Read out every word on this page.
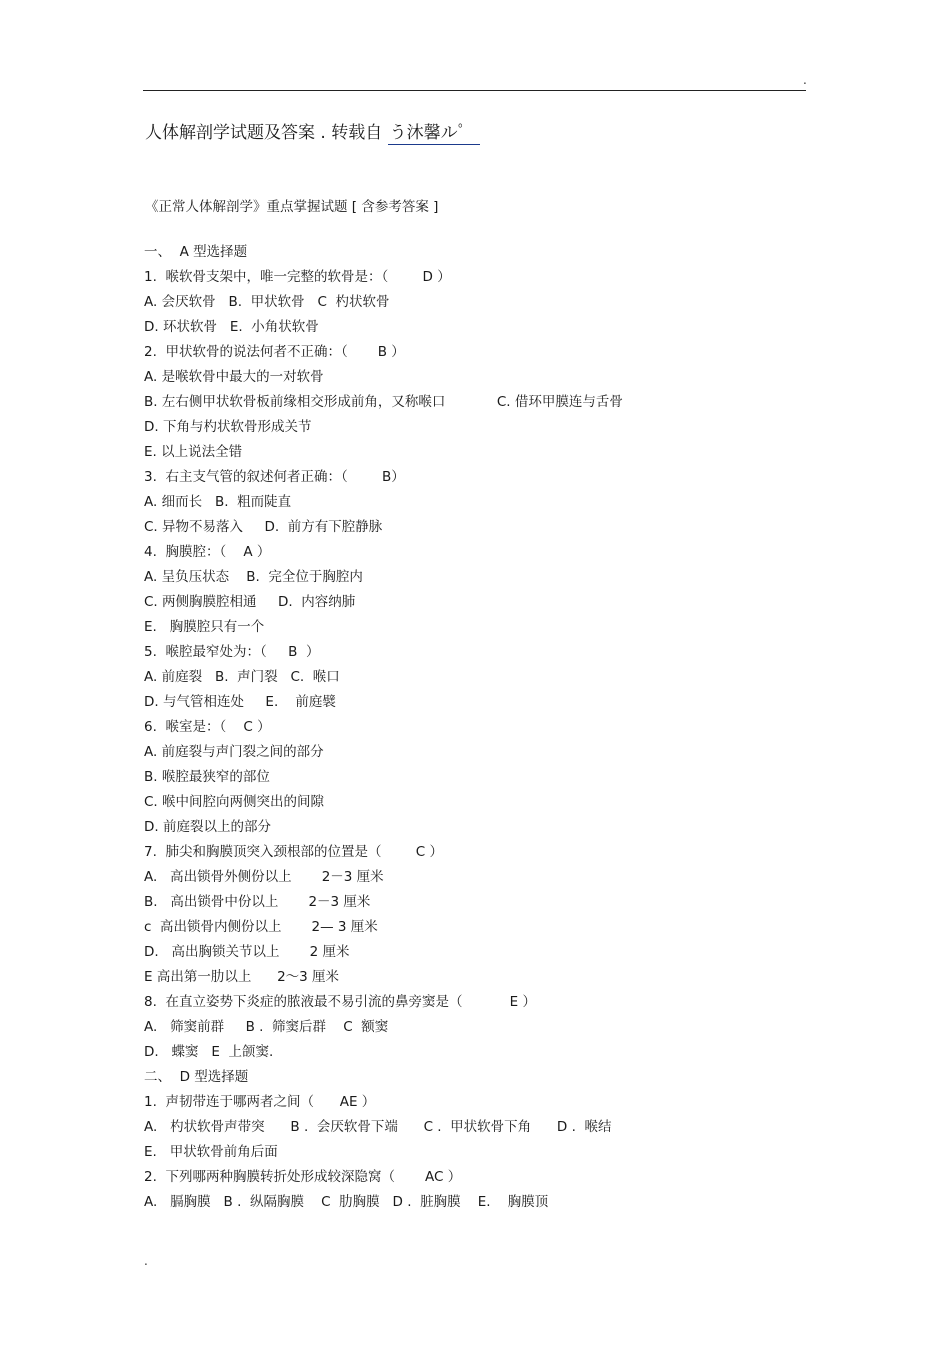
.
人体解剖学试题及答案 . 转载自 う沐馨ルﾟ
《正常人体解剖学》重点掌握试题 [ 含参考答案 ]
一、  A 型选择题
1.  喉软骨支架中，唯一完整的软骨是：（        D ）
A. 会厌软骨   B.  甲状软骨   C  杓状软骨
D. 环状软骨   E.  小角状软骨
2.  甲状软骨的说法何者不正确：（       B ）
A. 是喉软骨中最大的一对软骨
B. 左右侧甲状软骨板前缘相交形成前角，又称喉口            C. 借环甲膜连与舌骨
D. 下角与杓状软骨形成关节
E. 以上说法全错
3.  右主支气管的叙述何者正确：（        B）
A. 细而长   B.  粗而陡直
C. 异物不易落入     D.  前方有下腔静脉
4.  胸膜腔：（    A ）
A. 呈负压状态    B.  完全位于胸腔内
C. 两侧胸膜腔相通     D.  内容纳肺
E.   胸膜腔只有一个
5.  喉腔最窄处为：（     B  ）
A. 前庭裂   B.  声门裂   C.  喉口
D. 与气管相连处     E.    前庭襞
6.  喉室是：（    C ）
A. 前庭裂与声门裂之间的部分
B. 喉腔最狭窄的部位
C. 喉中间腔向两侧突出的间隙
D. 前庭裂以上的部分
7.  肺尖和胸膜顶突入颈根部的位置是（        C ）
A.   高出锁骨外侧份以上       2－3 厘米
B.   高出锁骨中份以上       2－3 厘米
c  高出锁骨内侧份以上       2— 3 厘米
D.   高出胸锁关节以上       2 厘米
E 高出第一肋以上      2～3 厘米
8.  在直立姿势下炎症的脓液最不易引流的鼻旁窦是（           E ）
A.   筛窦前群     B .  筛窦后群    C  额窦
D.   蝶窦   E  上颌窦.
二、  D 型选择题
1.  声韧带连于哪两者之间（      AE ）
A.   杓状软骨声带突      B .  会厌软骨下端      C .  甲状软骨下角      D .  喉结
E.   甲状软骨前角后面
2.  下列哪两种胸膜转折处形成较深隐窝（       AC ）
A.   膈胸膜   B .  纵隔胸膜    C  肋胸膜   D .  脏胸膜    E.    胸膜顶
.
